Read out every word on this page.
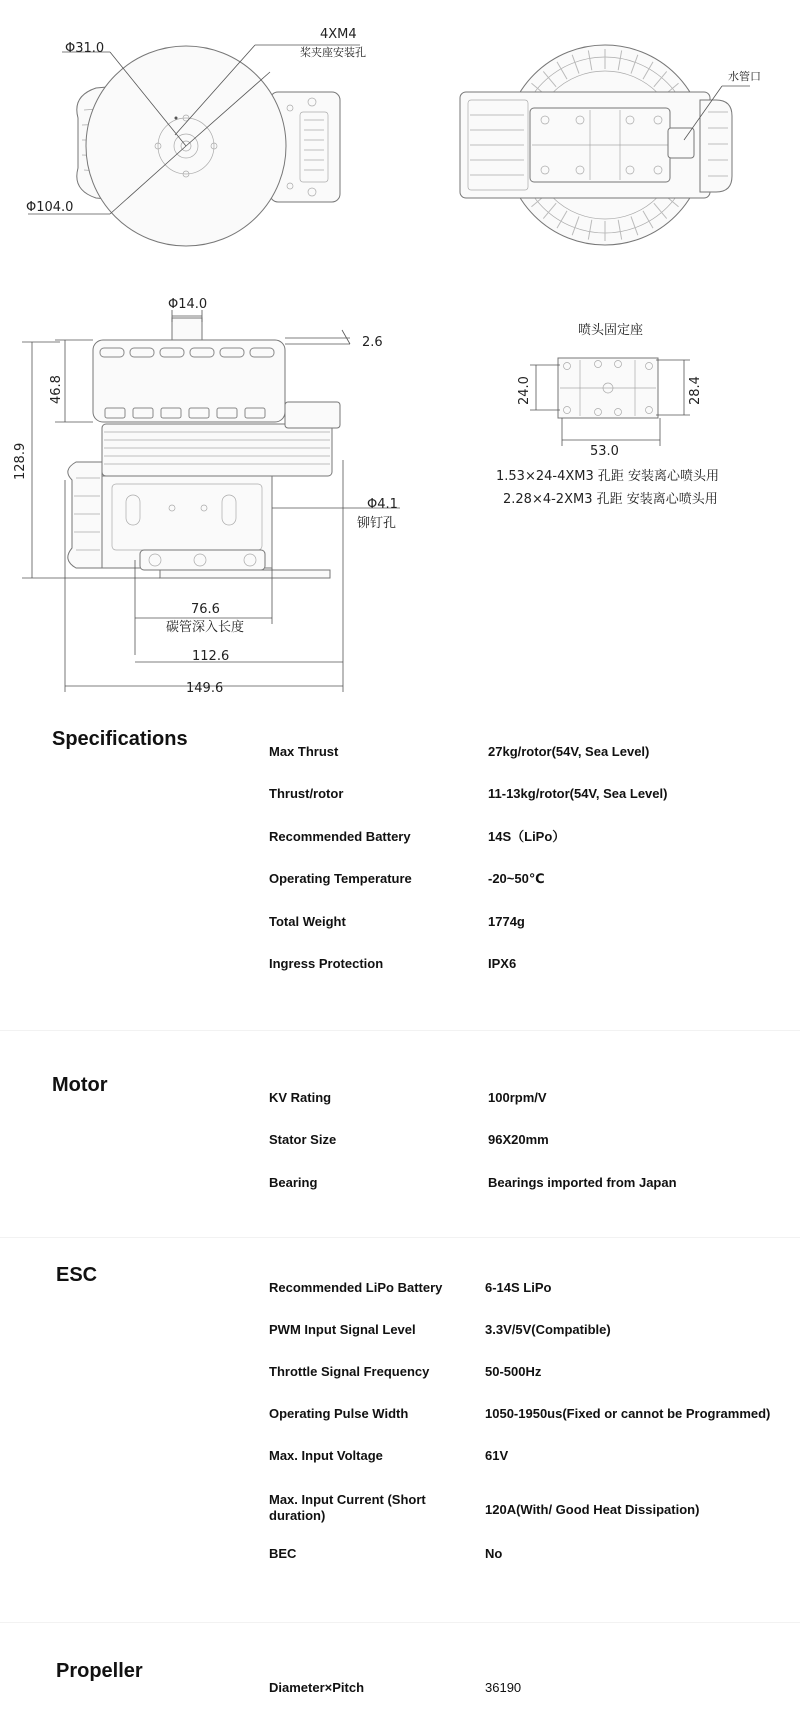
Φ31.0
Φ104.0
4XM4
桨夹座安装孔
水管口
Φ14.0
2.6
46.8
128.9
Φ4.1
铆钉孔
76.6
碳管深入长度
112.6
149.6
喷头固定座
24.0	28.4
53.0
1.53×24-4XM3 孔距 安装离心喷头用
2.28×4-2XM3 孔距 安装离心喷头用
Specifications
Max Thrust	27kg/rotor(54V, Sea Level)
Thrust/rotor	11-13kg/rotor(54V, Sea Level)
Recommended Battery	14S（LiPo）
Operating Temperature	-20~50℃
Total Weight	1774g
Ingress Protection	IPX6
Motor
KV Rating	100rpm/V
Stator Size	96X20mm
Bearing	Bearings imported from Japan
ESC
Recommended LiPo Battery	6-14S LiPo
PWM Input Signal Level	3.3V/5V(Compatible)
Throttle Signal Frequency	50-500Hz
Operating Pulse Width	1050-1950us(Fixed or cannot be Programmed)
Max. Input Voltage	61V
Max. Input Current (Short duration)	120A(With/ Good Heat Dissipation)
BEC	No
Propeller
Diameter×Pitch	36190
